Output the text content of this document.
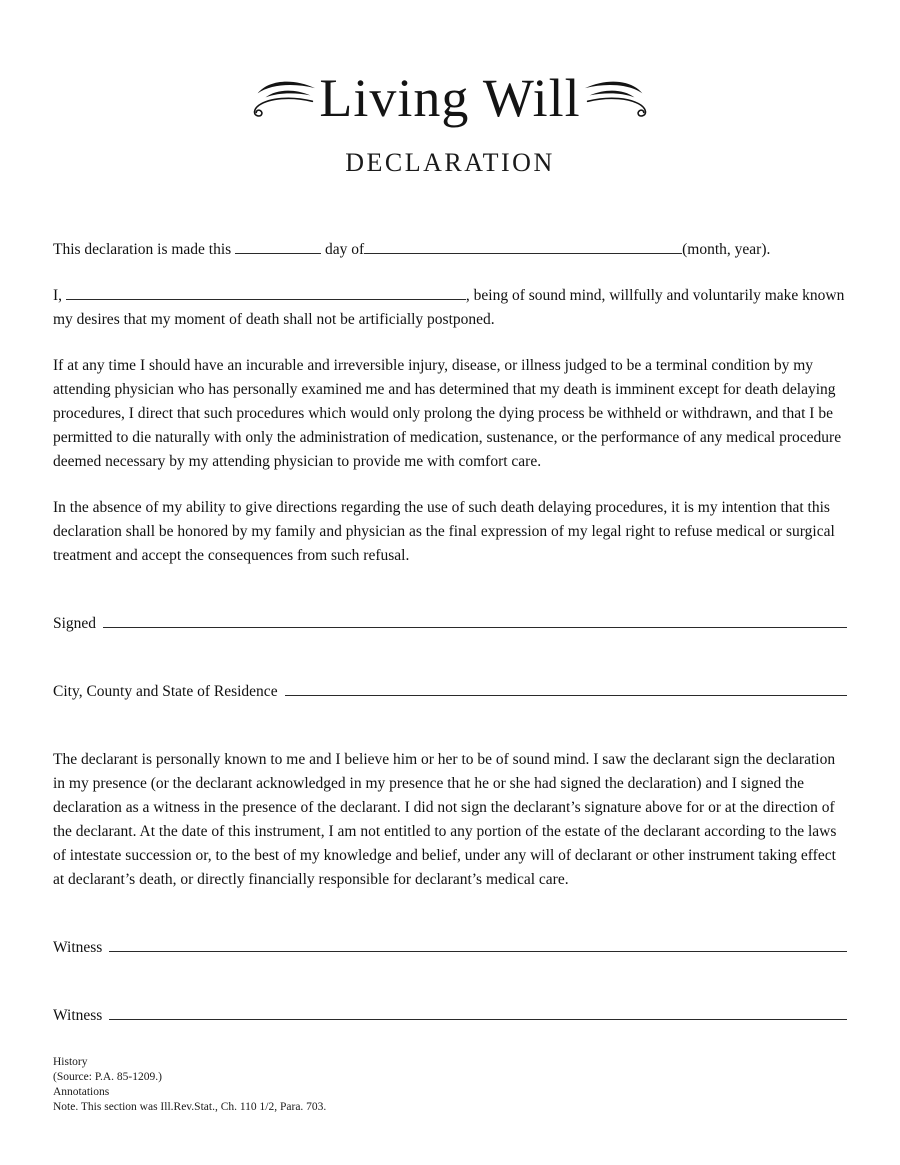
Living Will
DECLARATION

This declaration is made this	day of	(month, year).

I,	, being of sound mind, willfully and voluntarily make known my desires that my moment of death shall not be artificially postponed.

If at any time I should have an incurable and irreversible injury, disease, or illness judged to be a terminal condition by my attending physician who has personally examined me and has determined that my death is imminent except for death delaying procedures, I direct that such procedures which would only prolong the dying process be withheld or withdrawn, and that I be permitted to die naturally with only the administration of medication, sustenance, or the performance of any medical procedure deemed necessary by my attending physician to provide me with comfort care.

In the absence of my ability to give directions regarding the use of such death delaying procedures, it is my intention that this declaration shall be honored by my family and physician as the final expression of my legal right to refuse medical or surgical treatment and accept the consequences from such refusal.

Signed
City, County and State of Residence

The declarant is personally known to me and I believe him or her to be of sound mind. I saw the declarant sign the declaration in my presence (or the declarant acknowledged in my presence that he or she had signed the declaration) and I signed the declaration as a witness in the presence of the declarant. I did not sign the declarant’s signature above for or at the direction of the declarant. At the date of this instrument, I am not entitled to any portion of the estate of the declarant according to the laws of intestate succession or, to the best of my knowledge and belief, under any will of declarant or other instrument taking effect at declarant’s death, or directly financially responsible for declarant’s medical care.

Witness
Witness
History
(Source: P.A. 85-1209.)
Annotations
Note. This section was Ill.Rev.Stat., Ch. 110 1/2, Para. 703.
